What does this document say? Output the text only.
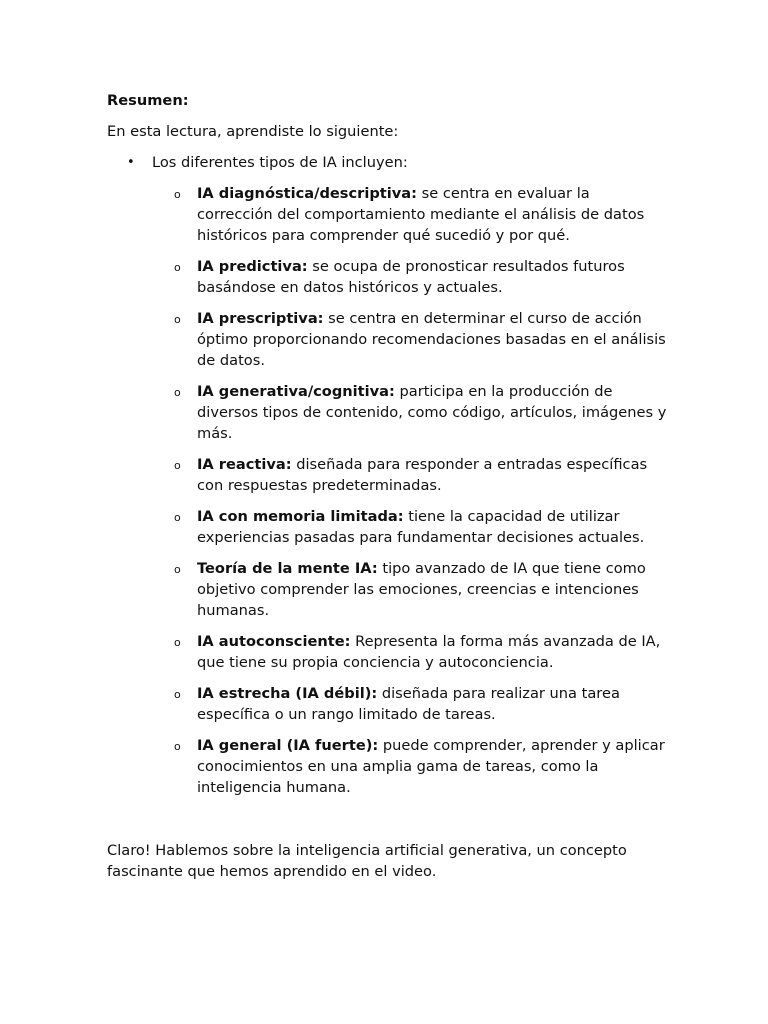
Resumen:

En esta lectura, aprendiste lo siguiente:

• Los diferentes tipos de IA incluyen:
o IA diagnóstica/descriptiva: se centra en evaluar la corrección del comportamiento mediante el análisis de datos históricos para comprender qué sucedió y por qué.
o IA predictiva: se ocupa de pronosticar resultados futuros basándose en datos históricos y actuales.
o IA prescriptiva: se centra en determinar el curso de acción óptimo proporcionando recomendaciones basadas en el análisis de datos.
o IA generativa/cognitiva: participa en la producción de diversos tipos de contenido, como código, artículos, imágenes y más.
o IA reactiva: diseñada para responder a entradas específicas con respuestas predeterminadas.
o IA con memoria limitada: tiene la capacidad de utilizar experiencias pasadas para fundamentar decisiones actuales.
o Teoría de la mente IA: tipo avanzado de IA que tiene como objetivo comprender las emociones, creencias e intenciones humanas.
o IA autoconsciente: Representa la forma más avanzada de IA, que tiene su propia conciencia y autoconciencia.
o IA estrecha (IA débil): diseñada para realizar una tarea específica o un rango limitado de tareas.
o IA general (IA fuerte): puede comprender, aprender y aplicar conocimientos en una amplia gama de tareas, como la inteligencia humana.

Claro! Hablemos sobre la inteligencia artificial generativa, un concepto fascinante que hemos aprendido en el video.
